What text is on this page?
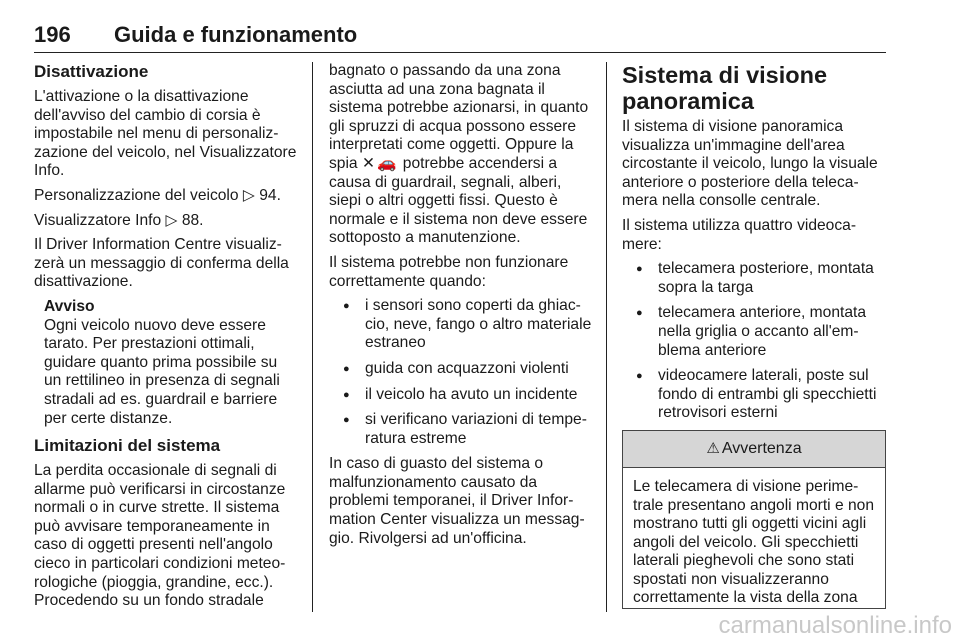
196	Guida e funzionamento
Disattivazione

L'attivazione o la disattivazione dell'avviso del cambio di corsia è impostabile nel menu di personalizzazione del veicolo, nel Visualizzatore Info.

Personalizzazione del veicolo ▷ 94.

Visualizzatore Info ▷ 88.

Il Driver Information Centre visualizzerà un messaggio di conferma della disattivazione.

Avviso
Ogni veicolo nuovo deve essere tarato. Per prestazioni ottimali, guidare quanto prima possibile su un rettilineo in presenza di segnali stradali ad es. guardrail e barriere per certe distanze.
Limitazioni del sistema

La perdita occasionale di segnali di allarme può verificarsi in circostanze normali o in curve strette. Il sistema può avvisare temporaneamente in caso di oggetti presenti nell'angolo cieco in particolari condizioni meteorologiche (pioggia, grandine, ecc.). Procedendo su un fondo stradale

bagnato o passando da una zona asciutta ad una zona bagnata il sistema potrebbe azionarsi, in quanto gli spruzzi di acqua possono essere interpretati come oggetti. Oppure la spia ✕🚗 potrebbe accendersi a causa di guardrail, segnali, alberi, siepi o altri oggetti fissi. Questo è normale e il sistema non deve essere sottoposto a manutenzione.

Il sistema potrebbe non funzionare correttamente quando:

● i sensori sono coperti da ghiaccio, neve, fango o altro materiale estraneo
● guida con acquazzoni violenti
● il veicolo ha avuto un incidente
● si verificano variazioni di temperatura estreme

In caso di guasto del sistema o malfunzionamento causato da problemi temporanei, il Driver Information Center visualizza un messaggio. Rivolgersi ad un'officina.

Sistema di visione panoramica

Il sistema di visione panoramica visualizza un'immagine dell'area circostante il veicolo, lungo la visuale anteriore o posteriore della telecamera nella consolle centrale.

Il sistema utilizza quattro videocamere:

● telecamera posteriore, montata sopra la targa
● telecamera anteriore, montata nella griglia o accanto all'emblema anteriore
● videocamere laterali, poste sul fondo di entrambi gli specchietti retrovisori esterni
⚠ Avvertenza

Le telecamera di visione perimetrale presentano angoli morti e non mostrano tutti gli oggetti vicini agli angoli del veicolo. Gli specchietti laterali pieghevoli che sono stati spostati non visualizzeranno correttamente la vista della zona

carmanualsonline.info
